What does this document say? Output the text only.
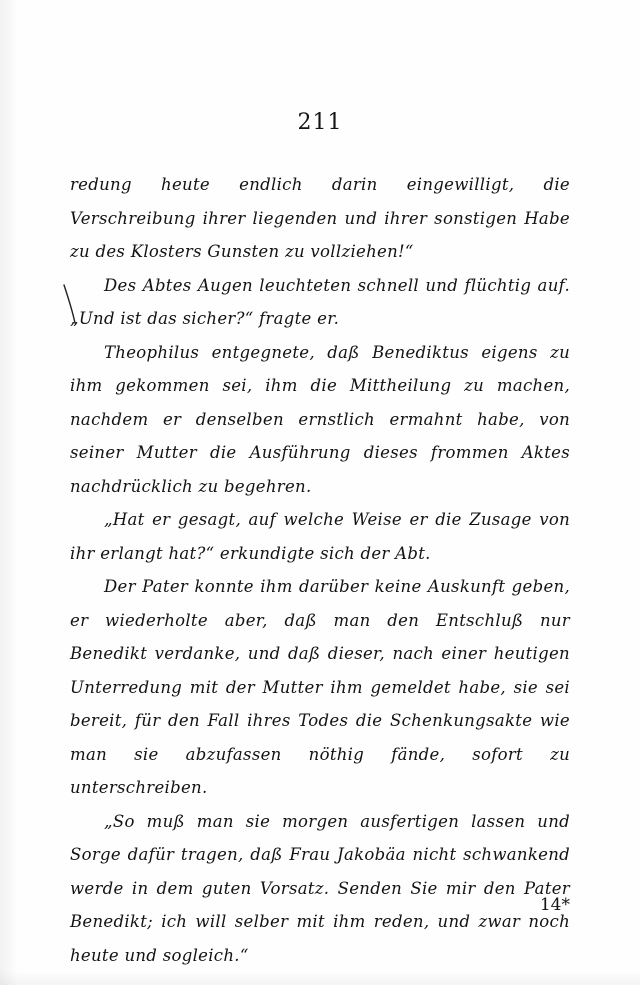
211

redung heute endlich darin eingewilligt, die Verschreibung ihrer liegenden und ihrer sonstigen Habe zu des Klosters Gunsten zu vollziehen!“

Des Abtes Augen leuchteten schnell und flüchtig auf. „Und ist das sicher?“ fragte er.

Theophilus entgegnete, daß Benediktus eigens zu ihm gekommen sei, ihm die Mittheilung zu machen, nachdem er denselben ernstlich ermahnt habe, von seiner Mutter die Ausführung dieses frommen Aktes nachdrücklich zu begehren.

„Hat er gesagt, auf welche Weise er die Zusage von ihr erlangt hat?“ erkundigte sich der Abt.

Der Pater konnte ihm darüber keine Auskunft geben, er wiederholte aber, daß man den Entschluß nur Benedikt verdanke, und daß dieser, nach einer heutigen Unterredung mit der Mutter ihm gemeldet habe, sie sei bereit, für den Fall ihres Todes die Schenkungsakte wie man sie abzufassen nöthig fände, sofort zu unterschreiben.

„So muß man sie morgen ausfertigen lassen und Sorge dafür tragen, daß Frau Jakobäa nicht schwankend werde in dem guten Vorsatz. Senden Sie mir den Pater Benedikt; ich will selber mit ihm reden, und zwar noch heute und sogleich.“

14*
